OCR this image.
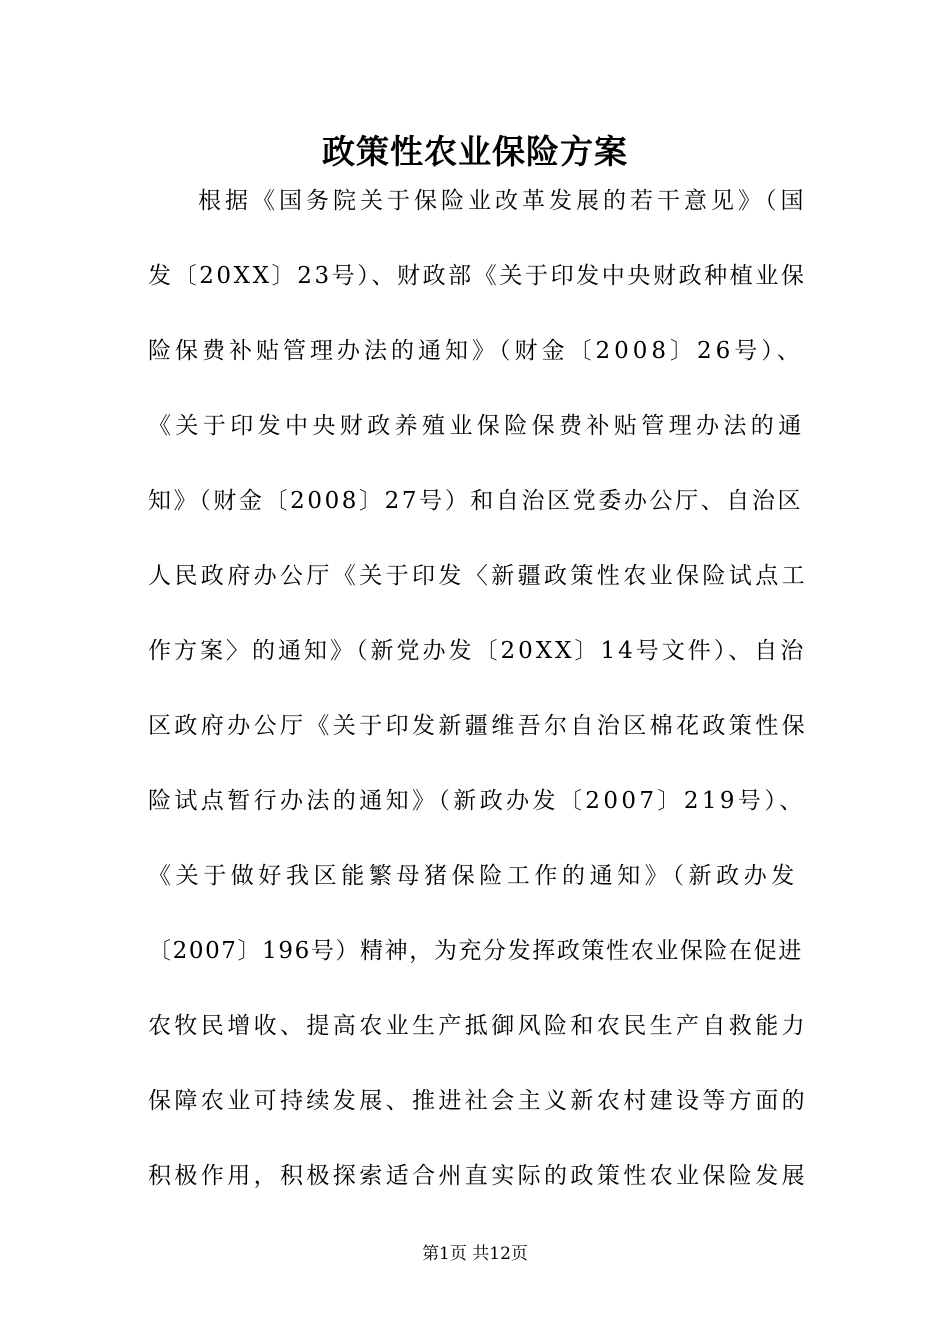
政策性农业保险方案
根据《国务院关于保险业改革发展的若干意见》（国
发〔20XX〕23号）、财政部《关于印发中央财政种植业保
险保费补贴管理办法的通知》（财金〔2008〕26号）、
《关于印发中央财政养殖业保险保费补贴管理办法的通
知》（财金〔2008〕27号）和自治区党委办公厅、自治区
人民政府办公厅《关于印发〈新疆政策性农业保险试点工
作方案〉的通知》（新党办发〔20XX〕14号文件）、自治
区政府办公厅《关于印发新疆维吾尔自治区棉花政策性保
险试点暂行办法的通知》（新政办发〔2007〕219号）、
《关于做好我区能繁母猪保险工作的通知》（新政办发
〔2007〕196号）精神，为充分发挥政策性农业保险在促进
农牧民增收、提高农业生产抵御风险和农民生产自救能力
保障农业可持续发展、推进社会主义新农村建设等方面的
积极作用，积极探索适合州直实际的政策性农业保险发展
第1页 共12页
